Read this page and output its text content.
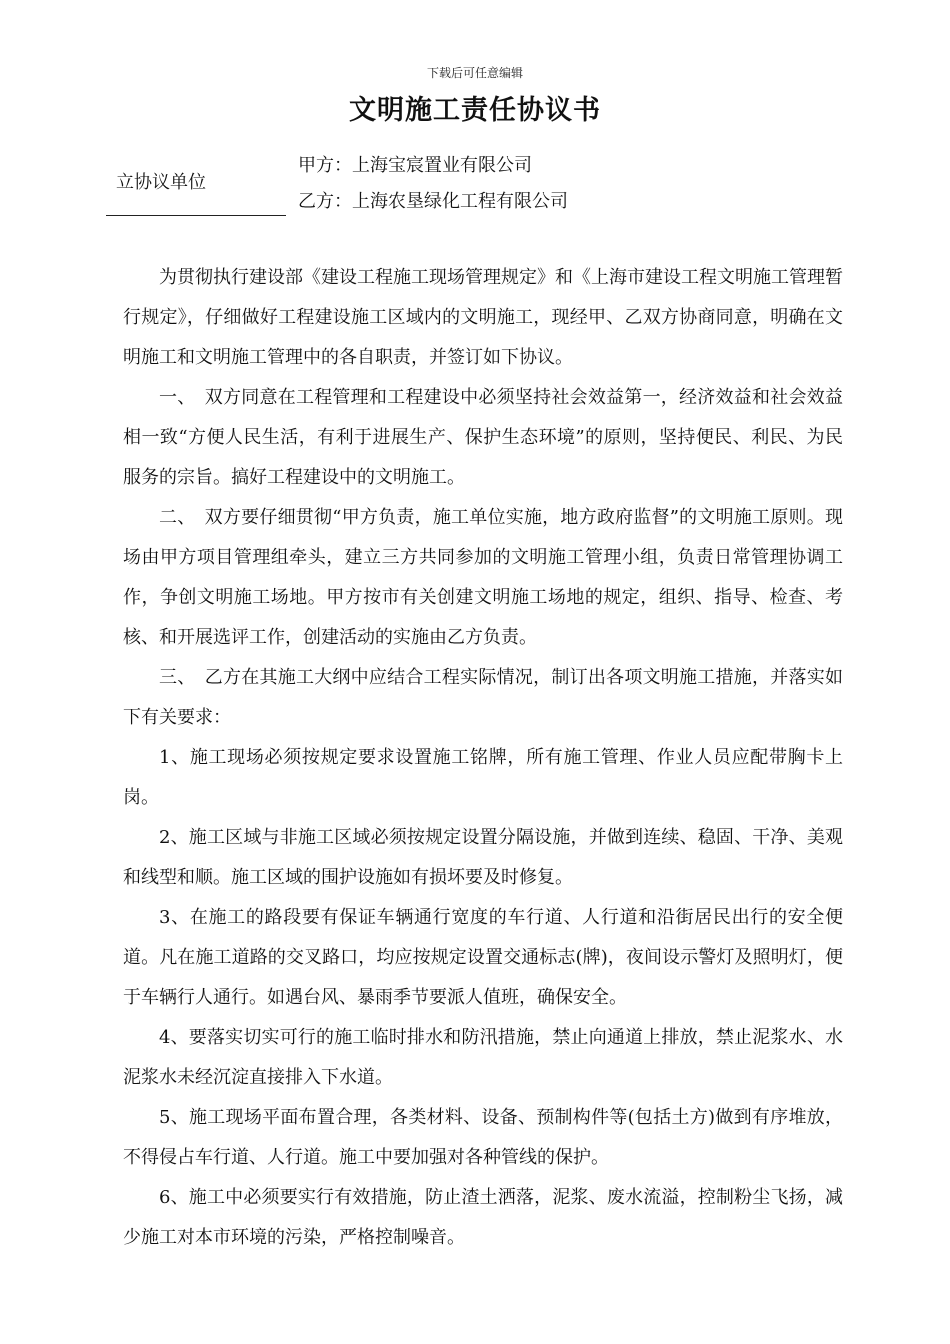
下载后可任意编辑
文明施工责任协议书
立协议单位
甲方：上海宝宸置业有限公司
乙方：上海农垦绿化工程有限公司

为贯彻执行建设部《建设工程施工现场管理规定》和《上海市建设工程文明施工管理暂行规定》，仔细做好工程建设施工区域内的文明施工，现经甲、乙双方协商同意，明确在文明施工和文明施工管理中的各自职责，并签订如下协议。

一、　双方同意在工程管理和工程建设中必须坚持社会效益第一，经济效益和社会效益相一致“方便人民生活，有利于进展生产、保护生态环境”的原则，坚持便民、利民、为民服务的宗旨。搞好工程建设中的文明施工。

二、　双方要仔细贯彻“甲方负责，施工单位实施，地方政府监督”的文明施工原则。现场由甲方项目管理组牵头，建立三方共同参加的文明施工管理小组，负责日常管理协调工作，争创文明施工场地。甲方按市有关创建文明施工场地的规定，组织、指导、检查、考核、和开展选评工作，创建活动的实施由乙方负责。

三、　乙方在其施工大纲中应结合工程实际情况，制订出各项文明施工措施，并落实如下有关要求：

1、施工现场必须按规定要求设置施工铭牌，所有施工管理、作业人员应配带胸卡上岗。

2、施工区域与非施工区域必须按规定设置分隔设施，并做到连续、稳固、干净、美观和线型和顺。施工区域的围护设施如有损坏要及时修复。

3、在施工的路段要有保证车辆通行宽度的车行道、人行道和沿街居民出行的安全便道。凡在施工道路的交叉路口，均应按规定设置交通标志(牌)，夜间设示警灯及照明灯，便于车辆行人通行。如遇台风、暴雨季节要派人值班，确保安全。

4、要落实切实可行的施工临时排水和防汛措施，禁止向通道上排放，禁止泥浆水、水泥浆水未经沉淀直接排入下水道。

5、施工现场平面布置合理，各类材料、设备、预制构件等(包括土方)做到有序堆放，不得侵占车行道、人行道。施工中要加强对各种管线的保护。

6、施工中必须要实行有效措施，防止渣土洒落，泥浆、废水流溢，控制粉尘飞扬，减少施工对本市环境的污染，严格控制噪音。
